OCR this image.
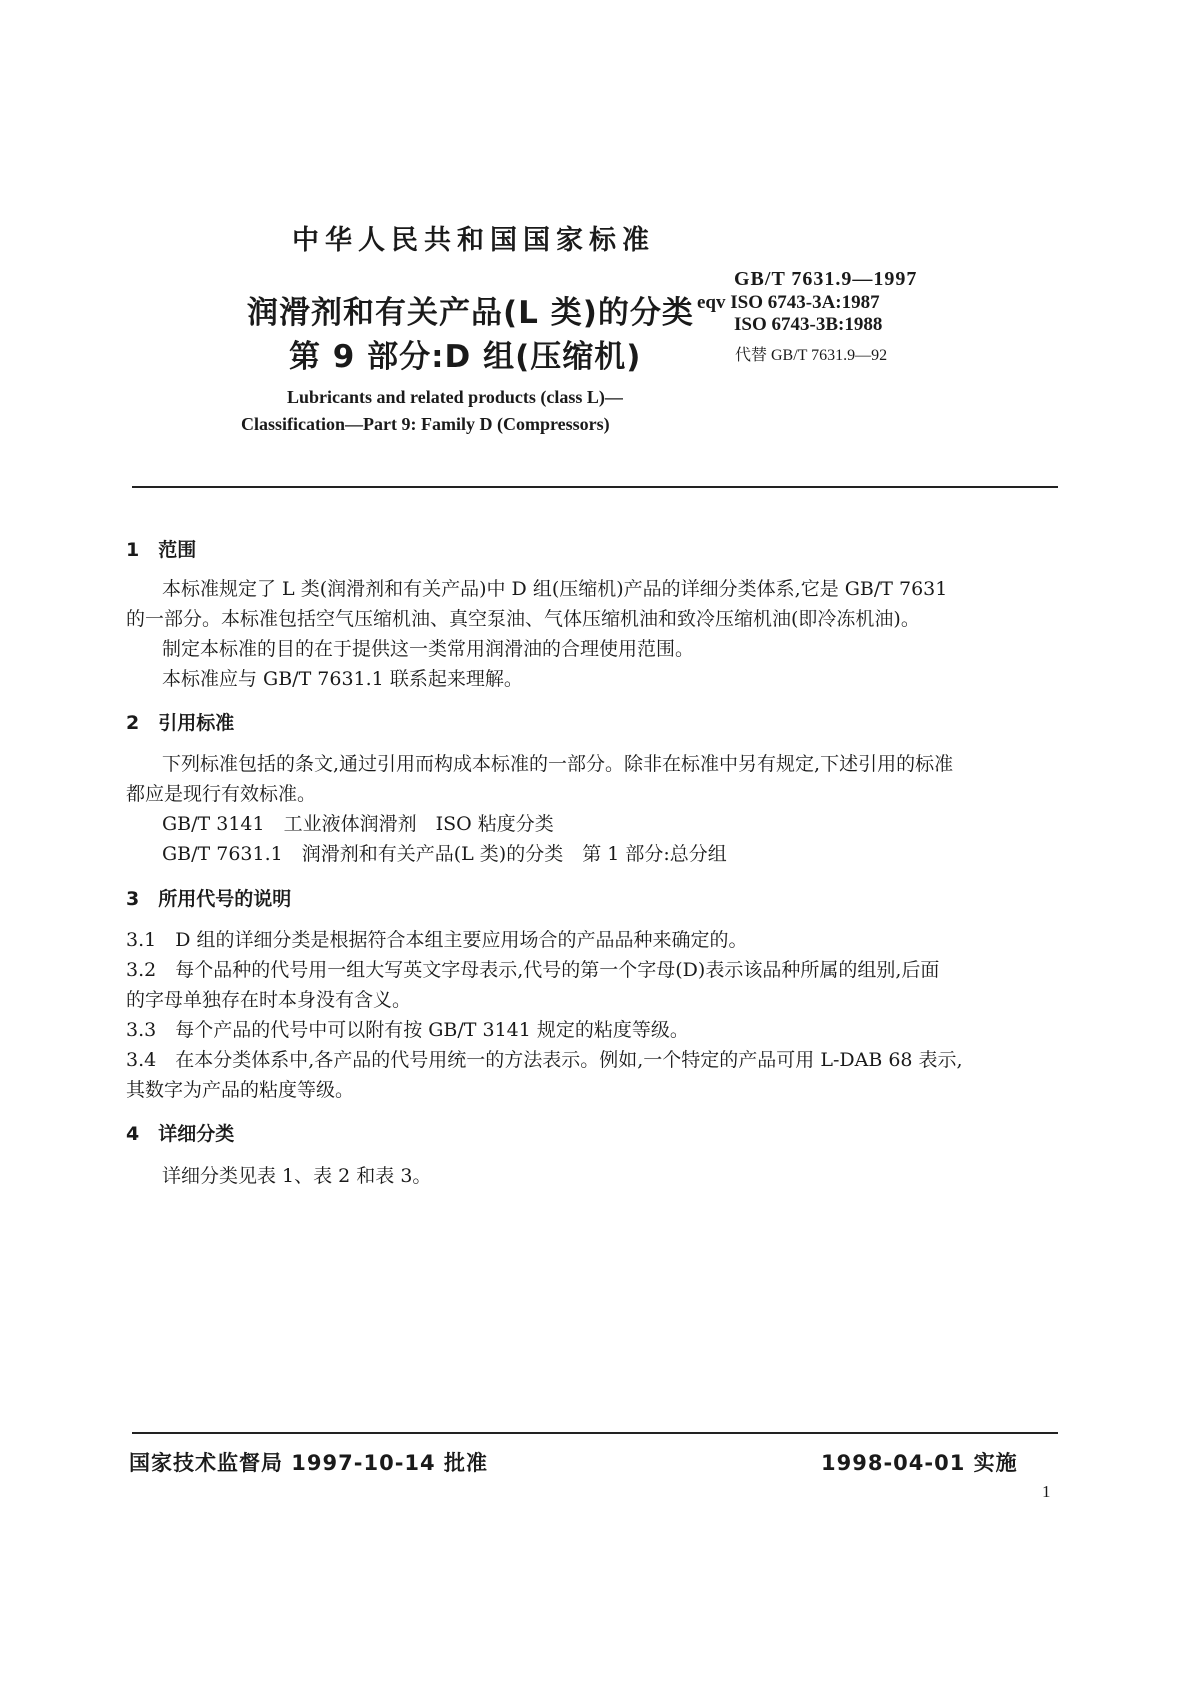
中华人民共和国国家标准
润滑剂和有关产品(L 类)的分类
第 9 部分:D 组(压缩机)
GB/T 7631.9—1997
eqv ISO 6743-3A:1987
ISO 6743-3B:1988
代替 GB/T 7631.9—92
Lubricants and related products (class L)—
Classification—Part 9: Family D (Compressors)
1　范围
本标准规定了 L 类(润滑剂和有关产品)中 D 组(压缩机)产品的详细分类体系,它是 GB/T 7631
的一部分。本标准包括空气压缩机油、真空泵油、气体压缩机油和致冷压缩机油(即冷冻机油)。
制定本标准的目的在于提供这一类常用润滑油的合理使用范围。
本标准应与 GB/T 7631.1 联系起来理解。
2　引用标准
下列标准包括的条文,通过引用而构成本标准的一部分。除非在标准中另有规定,下述引用的标准
都应是现行有效标准。
GB/T 3141　工业液体润滑剂　ISO 粘度分类
GB/T 7631.1　润滑剂和有关产品(L 类)的分类　第 1 部分:总分组
3　所用代号的说明
3.1　D 组的详细分类是根据符合本组主要应用场合的产品品种来确定的。
3.2　每个品种的代号用一组大写英文字母表示,代号的第一个字母(D)表示该品种所属的组别,后面
的字母单独存在时本身没有含义。
3.3　每个产品的代号中可以附有按 GB/T 3141 规定的粘度等级。
3.4　在本分类体系中,各产品的代号用统一的方法表示。例如,一个特定的产品可用 L-DAB 68 表示,
其数字为产品的粘度等级。
4　详细分类
详细分类见表 1、表 2 和表 3。
国家技术监督局 1997-10-14 批准	1998-04-01 实施
1
